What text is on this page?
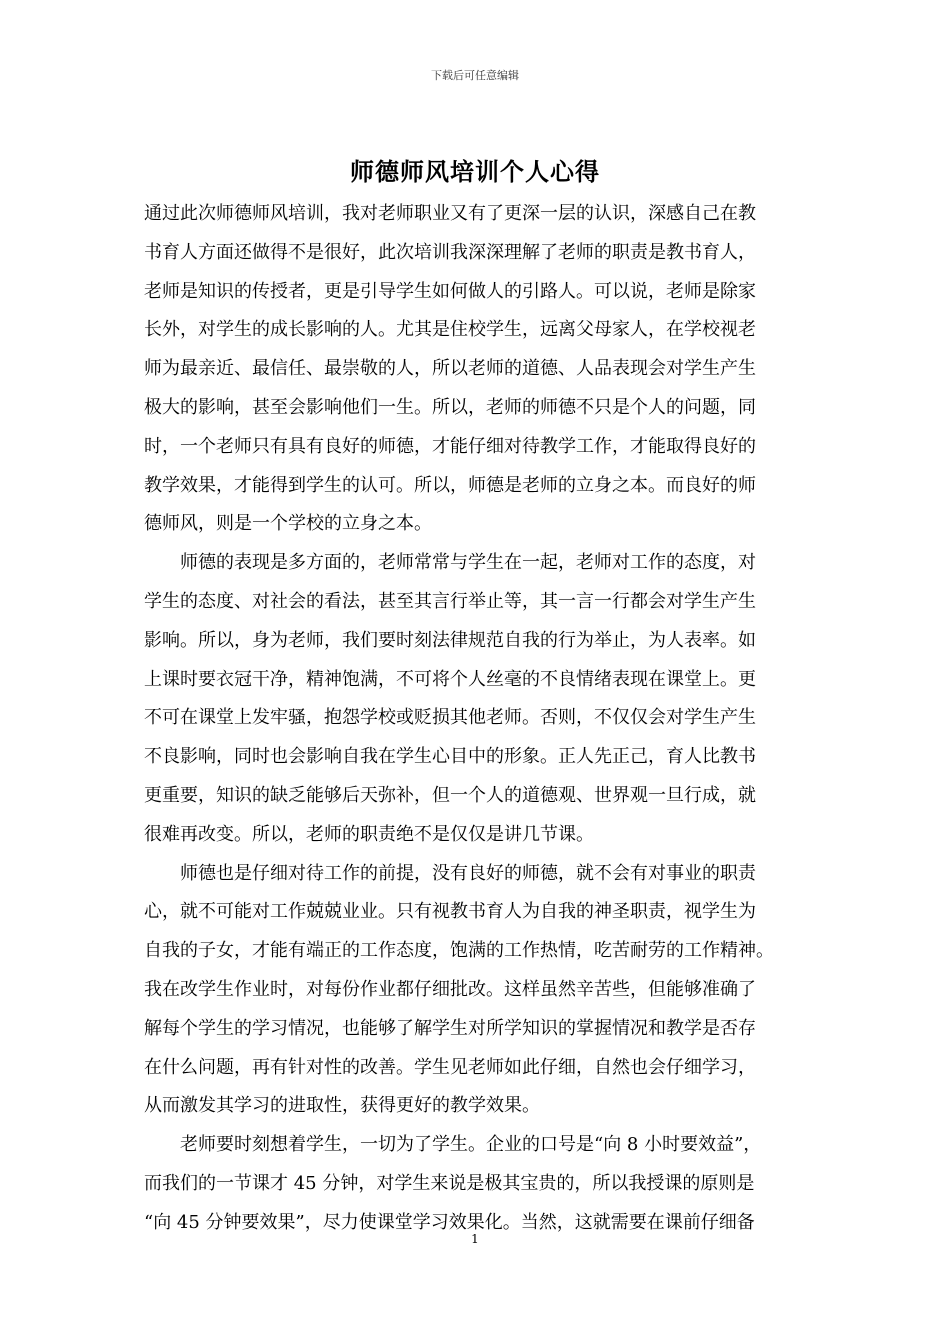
下载后可任意编辑
师德师风培训个人心得

通过此次师德师风培训，我对老师职业又有了更深一层的认识，深感自己在教

书育人方面还做得不是很好，此次培训我深深理解了老师的职责是教书育人，

老师是知识的传授者，更是引导学生如何做人的引路人。可以说，老师是除家

长外，对学生的成长影响的人。尤其是住校学生，远离父母家人，在学校视老

师为最亲近、最信任、最崇敬的人，所以老师的道德、人品表现会对学生产生

极大的影响，甚至会影响他们一生。所以，老师的师德不只是个人的问题，同

时，一个老师只有具有良好的师德，才能仔细对待教学工作，才能取得良好的

教学效果，才能得到学生的认可。所以，师德是老师的立身之本。而良好的师

德师风，则是一个学校的立身之本。

　　师德的表现是多方面的，老师常常与学生在一起，老师对工作的态度，对

学生的态度、对社会的看法，甚至其言行举止等，其一言一行都会对学生产生

影响。所以，身为老师，我们要时刻法律规范自我的行为举止，为人表率。如

上课时要衣冠干净，精神饱满，不可将个人丝毫的不良情绪表现在课堂上。更

不可在课堂上发牢骚，抱怨学校或贬损其他老师。否则，不仅仅会对学生产生

不良影响，同时也会影响自我在学生心目中的形象。正人先正己，育人比教书

更重要，知识的缺乏能够后天弥补，但一个人的道德观、世界观一旦行成，就

很难再改变。所以，老师的职责绝不是仅仅是讲几节课。

　　师德也是仔细对待工作的前提，没有良好的师德，就不会有对事业的职责

心，就不可能对工作兢兢业业。只有视教书育人为自我的神圣职责，视学生为

自我的子女，才能有端正的工作态度，饱满的工作热情，吃苦耐劳的工作精神。

我在改学生作业时，对每份作业都仔细批改。这样虽然辛苦些，但能够准确了

解每个学生的学习情况，也能够了解学生对所学知识的掌握情况和教学是否存

在什么问题，再有针对性的改善。学生见老师如此仔细，自然也会仔细学习，

从而激发其学习的进取性，获得更好的教学效果。

　　老师要时刻想着学生，一切为了学生。企业的口号是“向 8 小时要效益”，

而我们的一节课才 45 分钟，对学生来说是极其宝贵的，所以我授课的原则是

“向 45 分钟要效果”，尽力使课堂学习效果化。当然，这就需要在课前仔细备

1
